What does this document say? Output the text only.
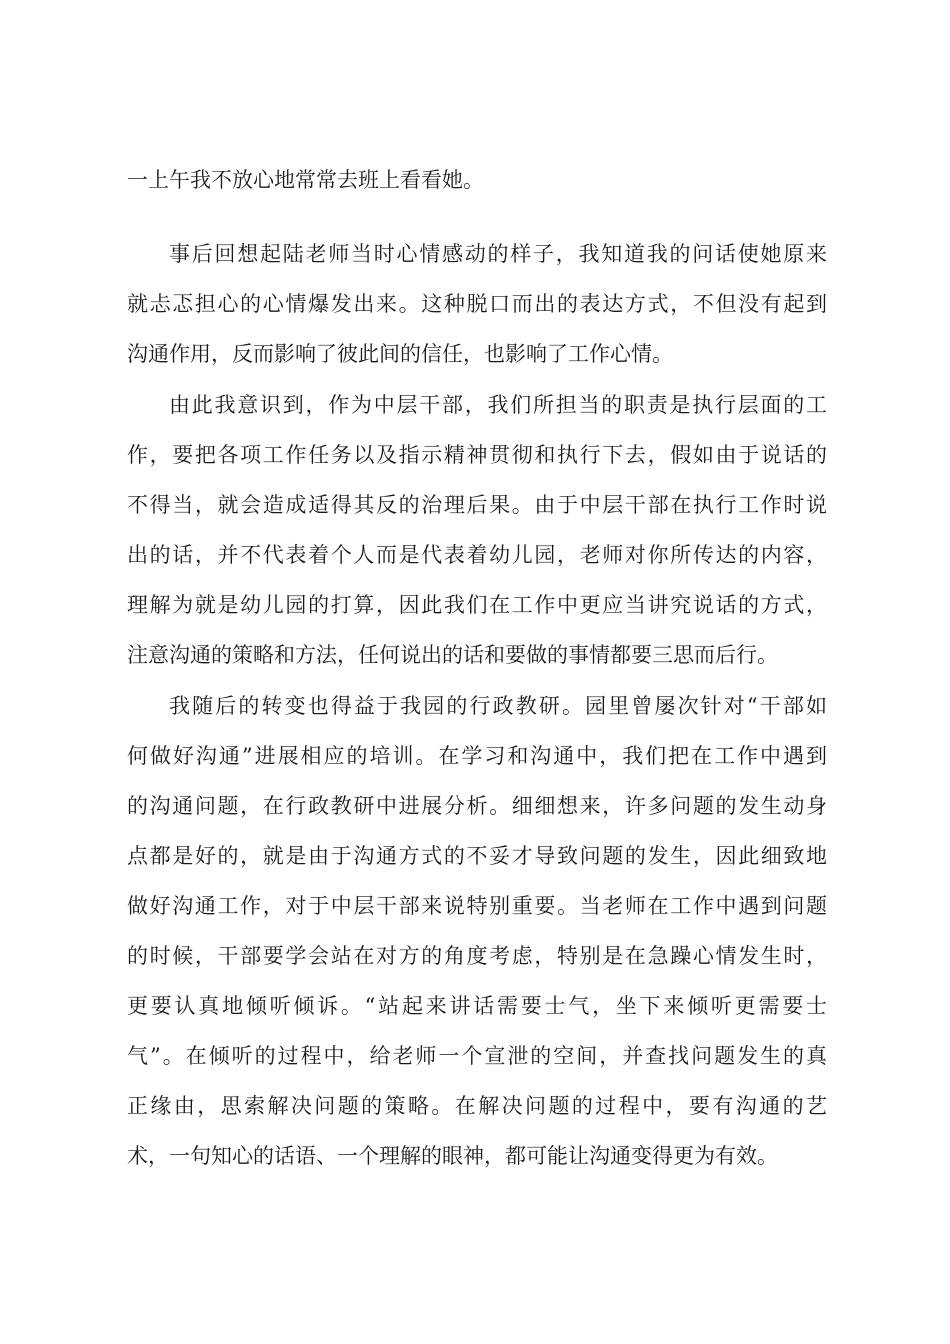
一上午我不放心地常常去班上看看她。
事后回想起陆老师当时心情感动的样子，我知道我的问话使她原来
就忐忑担心的心情爆发出来。这种脱口而出的表达方式，不但没有起到
沟通作用，反而影响了彼此间的信任，也影响了工作心情。
由此我意识到，作为中层干部，我们所担当的职责是执行层面的工
作，要把各项工作任务以及指示精神贯彻和执行下去，假如由于说话的
不得当，就会造成适得其反的治理后果。由于中层干部在执行工作时说
出的话，并不代表着个人而是代表着幼儿园，老师对你所传达的内容，
理解为就是幼儿园的打算，因此我们在工作中更应当讲究说话的方式，
注意沟通的策略和方法，任何说出的话和要做的事情都要三思而后行。
我随后的转变也得益于我园的行政教研。园里曾屡次针对“干部如
何做好沟通”进展相应的培训。在学习和沟通中，我们把在工作中遇到
的沟通问题，在行政教研中进展分析。细细想来，许多问题的发生动身
点都是好的，就是由于沟通方式的不妥才导致问题的发生，因此细致地
做好沟通工作，对于中层干部来说特别重要。当老师在工作中遇到问题
的时候，干部要学会站在对方的角度考虑，特别是在急躁心情发生时，
更要认真地倾听倾诉。“站起来讲话需要士气，坐下来倾听更需要士
气”。在倾听的过程中，给老师一个宣泄的空间，并查找问题发生的真
正缘由，思索解决问题的策略。在解决问题的过程中，要有沟通的艺
术，一句知心的话语、一个理解的眼神，都可能让沟通变得更为有效。
